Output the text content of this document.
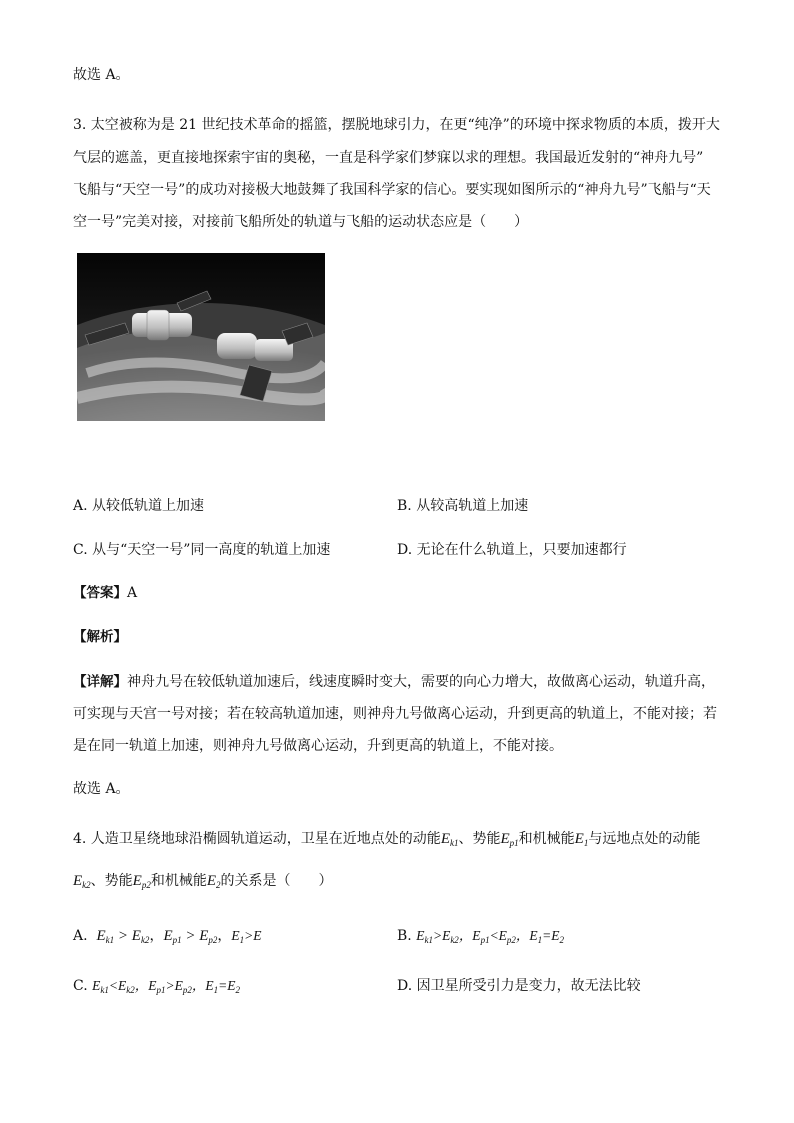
故选 A。
3. 太空被称为是 21 世纪技术革命的摇篮，摆脱地球引力，在更“纯净”的环境中探求物质的本质，拨开大
气层的遮盖，更直接地探索宇宙的奥秘，一直是科学家们梦寐以求的理想。我国最近发射的“神舟九号”
飞船与“天空一号”的成功对接极大地鼓舞了我国科学家的信心。要实现如图所示的“神舟九号”飞船与“天
空一号”完美对接，对接前飞船所处的轨道与飞船的运动状态应是（　　）
A. 从较低轨道上加速	B. 从较高轨道上加速
C. 从与“天空一号”同一高度的轨道上加速	D. 无论在什么轨道上，只要加速都行
【答案】A
【解析】
【详解】神舟九号在较低轨道加速后，线速度瞬时变大，需要的向心力增大，故做离心运动，轨道升高，
可实现与天宫一号对接；若在较高轨道加速，则神舟九号做离心运动，升到更高的轨道上，不能对接；若
是在同一轨道上加速，则神舟九号做离心运动，升到更高的轨道上，不能对接。
故选 A。
4. 人造卫星绕地球沿椭圆轨道运动，卫星在近地点处的动能$E_{k1}$、势能$E_{p1}$和机械能$E_1$与远地点处的动能
$E_{k2}$、势能$E_{p2}$和机械能$E_2$的关系是（　　）
A. $E_{k1} > E_{k2}$，$E_{p1} > E_{p2}$，$E_1>E$	B. $E_{k1}>E_{k2}$，$E_{p1}<E_{p2}$，$E_1=E_2$
C. $E_{k1}<E_{k2}$，$E_{p1}>E_{p2}$，$E_1=E_2$	D. 因卫星所受引力是变力，故无法比较
